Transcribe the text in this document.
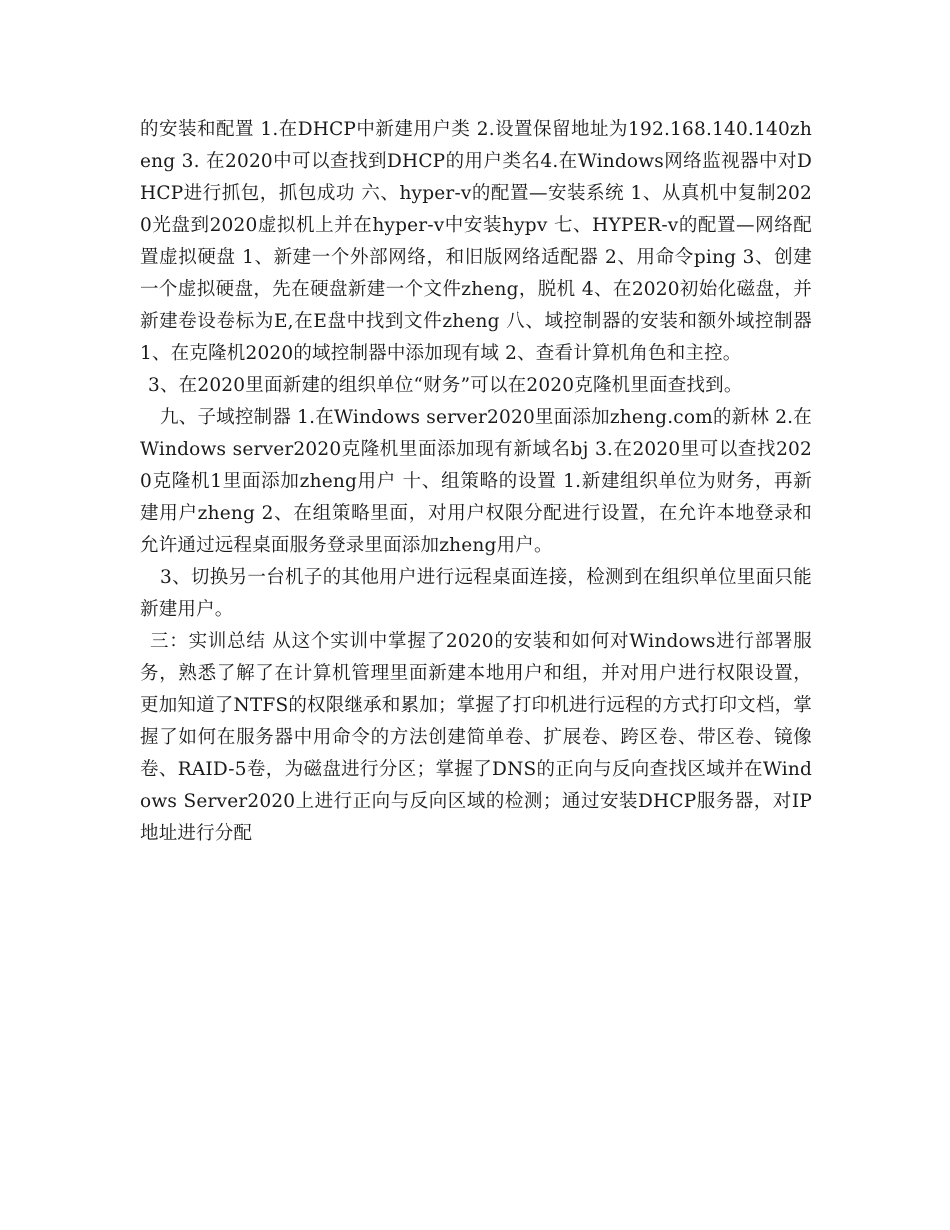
的安装和配置 1.在DHCP中新建用户类 2.设置保留地址为192.168.140.140zheng 3. 在2020中可以查找到DHCP的用户类名4.在Windows网络监视器中对DHCP进行抓包，抓包成功 六、hyper-v的配置—安装系统 1、从真机中复制2020光盘到2020虚拟机上并在hyper-v中安装hypv 七、HYPER-v的配置—网络配置虚拟硬盘 1、新建一个外部网络，和旧版网络适配器 2、用命令ping 3、创建一个虚拟硬盘，先在硬盘新建一个文件zheng，脱机 4、在2020初始化磁盘，并新建卷设卷标为E,在E盘中找到文件zheng 八、域控制器的安装和额外域控制器 1、在克隆机2020的域控制器中添加现有域 2、查看计算机角色和主控。

3、在2020里面新建的组织单位“财务”可以在2020克隆机里面查找到。

九、子域控制器 1.在Windows server2020里面添加zheng.com的新林 2.在Windows server2020克隆机里面添加现有新域名bj 3.在2020里可以查找2020克隆机1里面添加zheng用户 十、组策略的设置 1.新建组织单位为财务，再新建用户zheng 2、在组策略里面，对用户权限分配进行设置，在允许本地登录和允许通过远程桌面服务登录里面添加zheng用户。

3、切换另一台机子的其他用户进行远程桌面连接，检测到在组织单位里面只能新建用户。

三：实训总结 从这个实训中掌握了2020的安装和如何对Windows进行部署服务，熟悉了解了在计算机管理里面新建本地用户和组，并对用户进行权限设置，更加知道了NTFS的权限继承和累加；掌握了打印机进行远程的方式打印文档，掌握了如何在服务器中用命令的方法创建简单卷、扩展卷、跨区卷、带区卷、镜像卷、RAID-5卷，为磁盘进行分区；掌握了DNS的正向与反向查找区域并在Windows Server2020上进行正向与反向区域的检测；通过安装DHCP服务器，对IP地址进行分配
